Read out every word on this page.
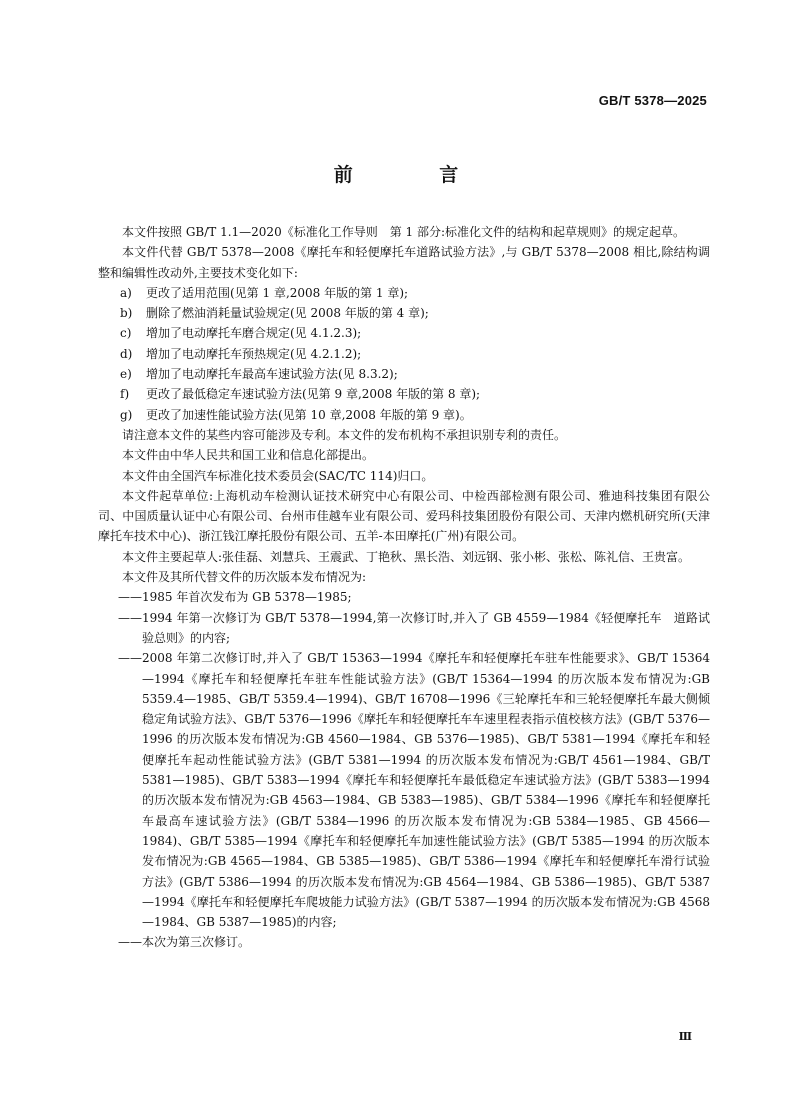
GB/T 5378—2025
前 言

本文件按照 GB/T 1.1—2020《标准化工作导则　第 1 部分:标准化文件的结构和起草规则》的规定起草。

本文件代替 GB/T 5378—2008《摩托车和轻便摩托车道路试验方法》,与 GB/T 5378—2008 相比,除结构调整和编辑性改动外,主要技术变化如下:

a) 更改了适用范围(见第 1 章,2008 年版的第 1 章);

b) 删除了燃油消耗量试验规定(见 2008 年版的第 4 章);

c) 增加了电动摩托车磨合规定(见 4.1.2.3);

d) 增加了电动摩托车预热规定(见 4.2.1.2);

e) 增加了电动摩托车最高车速试验方法(见 8.3.2);

f) 更改了最低稳定车速试验方法(见第 9 章,2008 年版的第 8 章);

g) 更改了加速性能试验方法(见第 10 章,2008 年版的第 9 章)。

请注意本文件的某些内容可能涉及专利。本文件的发布机构不承担识别专利的责任。

本文件由中华人民共和国工业和信息化部提出。

本文件由全国汽车标准化技术委员会(SAC/TC 114)归口。

本文件起草单位:上海机动车检测认证技术研究中心有限公司、中检西部检测有限公司、雅迪科技集团有限公司、中国质量认证中心有限公司、台州市佳越车业有限公司、爱玛科技集团股份有限公司、天津内燃机研究所(天津摩托车技术中心)、浙江钱江摩托股份有限公司、五羊-本田摩托(广州)有限公司。

本文件主要起草人:张佳磊、刘慧兵、王震武、丁艳秋、黑长浩、刘远钢、张小彬、张松、陈礼信、王贵富。

本文件及其所代替文件的历次版本发布情况为:

——1985 年首次发布为 GB 5378—1985;

——1994 年第一次修订为 GB/T 5378—1994,第一次修订时,并入了 GB 4559—1984《轻便摩托车　道路试验总则》的内容;

——2008 年第二次修订时,并入了 GB/T 15363—1994《摩托车和轻便摩托车驻车性能要求》、GB/T 15364—1994《摩托车和轻便摩托车驻车性能试验方法》(GB/T 15364—1994 的历次版本发布情况为:GB 5359.4—1985、GB/T 5359.4—1994)、GB/T 16708—1996《三轮摩托车和三轮轻便摩托车最大侧倾稳定角试验方法》、GB/T 5376—1996《摩托车和轻便摩托车车速里程表指示值校核方法》(GB/T 5376—1996 的历次版本发布情况为:GB 4560—1984、GB 5376—1985)、GB/T 5381—1994《摩托车和轻便摩托车起动性能试验方法》(GB/T 5381—1994 的历次版本发布情况为:GB/T 4561—1984、GB/T 5381—1985)、GB/T 5383—1994《摩托车和轻便摩托车最低稳定车速试验方法》(GB/T 5383—1994 的历次版本发布情况为:GB 4563—1984、GB 5383—1985)、GB/T 5384—1996《摩托车和轻便摩托车最高车速试验方法》(GB/T 5384—1996 的历次版本发布情况为:GB 5384—1985、GB 4566—1984)、GB/T 5385—1994《摩托车和轻便摩托车加速性能试验方法》(GB/T 5385—1994 的历次版本发布情况为:GB 4565—1984、GB 5385—1985)、GB/T 5386—1994《摩托车和轻便摩托车滑行试验方法》(GB/T 5386—1994 的历次版本发布情况为:GB 4564—1984、GB 5386—1985)、GB/T 5387—1994《摩托车和轻便摩托车爬坡能力试验方法》(GB/T 5387—1994 的历次版本发布情况为:GB 4568—1984、GB 5387—1985)的内容;

——本次为第三次修订。

Ⅲ
